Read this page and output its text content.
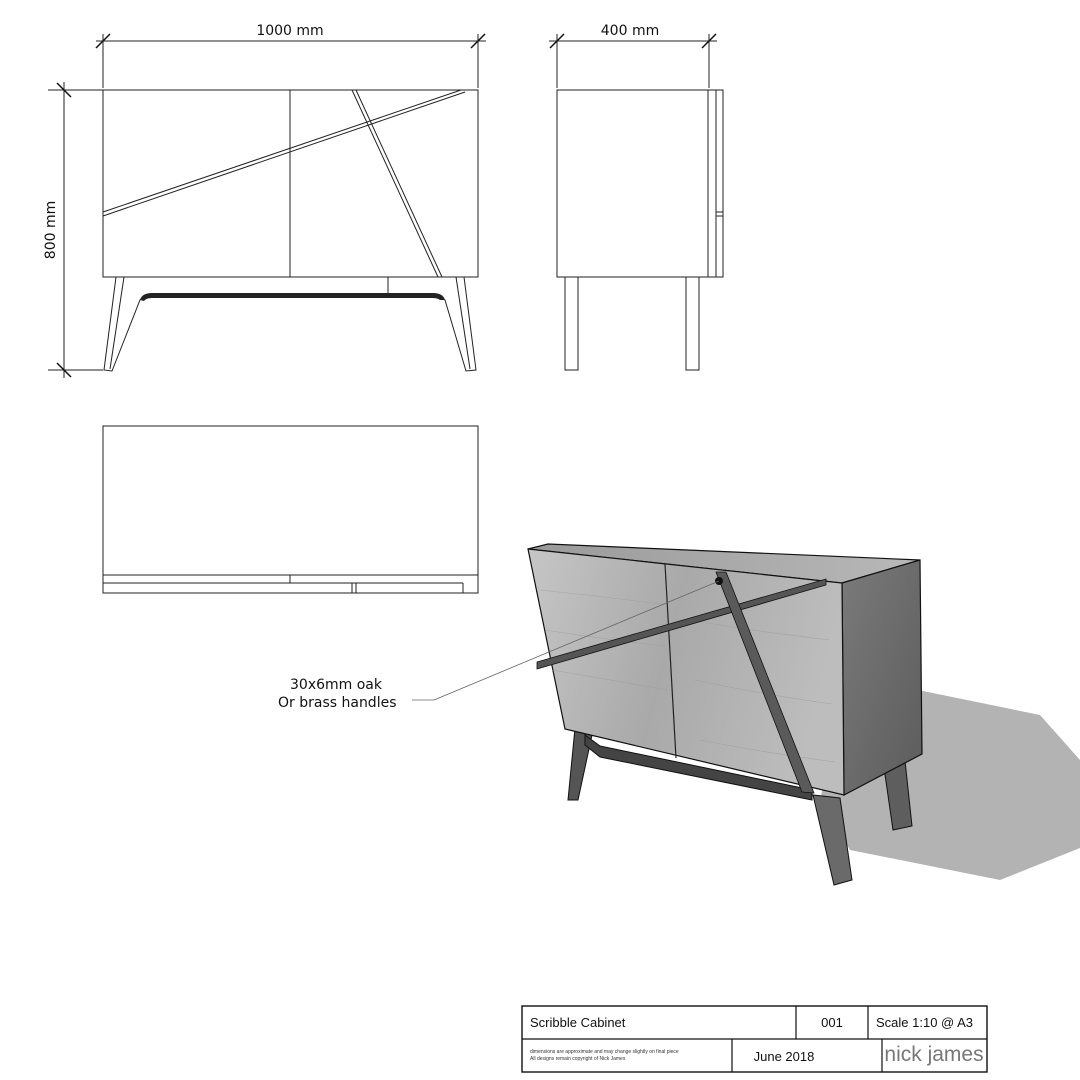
1000 mm
800 mm
400 mm
30x6mm oak
Or brass handles
Scribble Cabinet	001	Scale 1:10 @ A3
dimensions are approximate and may change slightly on final piece
All designs remain copyright of Nick James	June 2018	nick james
